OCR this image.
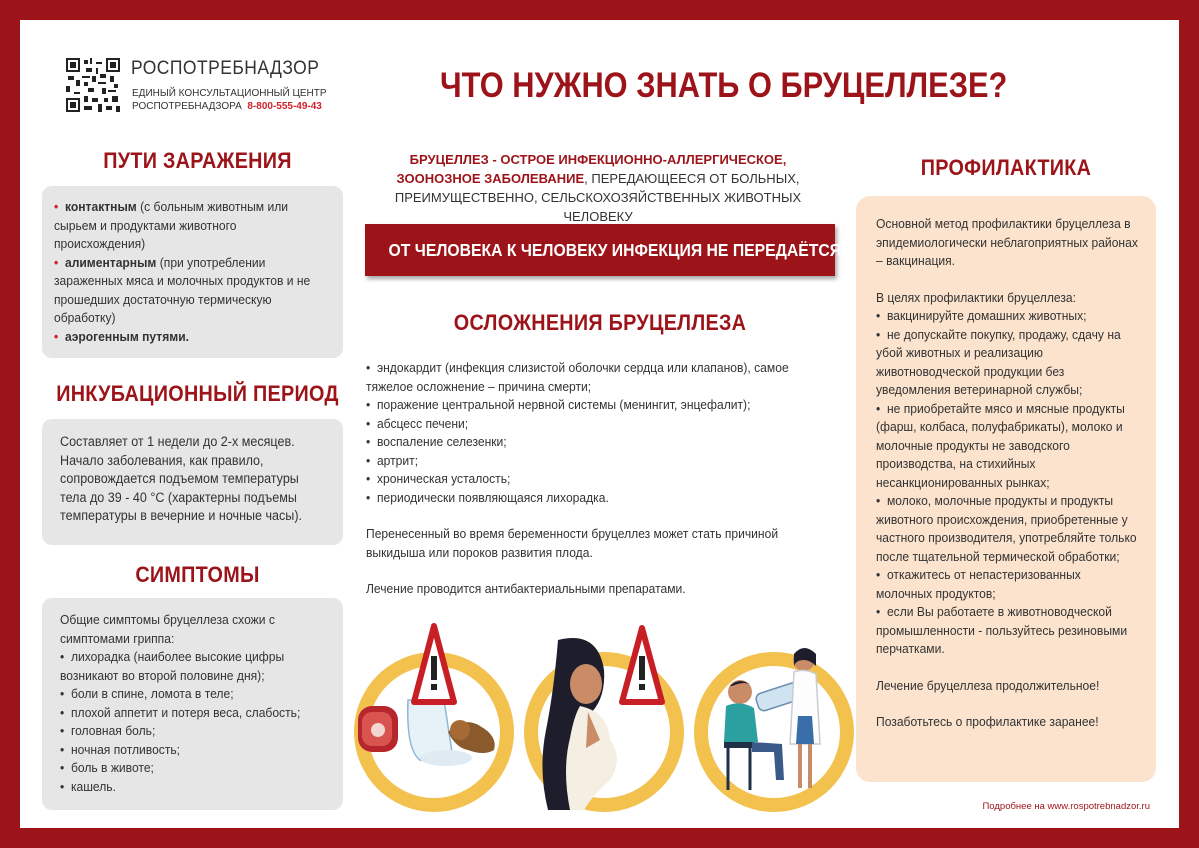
РОСПОТРЕБНАДЗОР
ЕДИНЫЙ КОНСУЛЬТАЦИОННЫЙ ЦЕНТР
РОСПОТРЕБНАДЗОРА 8-800-555-49-43
ЧТО НУЖНО ЗНАТЬ О БРУЦЕЛЛЕЗЕ?
ПУТИ ЗАРАЖЕНИЯ
• контактным (с больным животным или сырьем и продуктами животного происхождения)
• алиментарным (при употреблении зараженных мяса и молочных продуктов и не прошедших достаточную термическую обработку)
• аэрогенным путями.
ИНКУБАЦИОННЫЙ ПЕРИОД
Составляет от 1 недели до 2-х месяцев. Начало заболевания, как правило, сопровождается подъемом температуры тела до 39 - 40 °С (характерны подъемы температуры в вечерние и ночные часы).
СИМПТОМЫ
Общие симптомы бруцеллеза схожи с симптомами гриппа:
•  лихорадка (наиболее высокие цифры возникают во второй половине дня);
•  боли в спине, ломота в теле;
•  плохой аппетит и потеря веса, слабость;
•  головная боль;
•  ночная потливость;
•  боль в животе;
•  кашель.
БРУЦЕЛЛЕЗ - ОСТРОЕ ИНФЕКЦИОННО-АЛЛЕРГИЧЕСКОЕ, ЗООНОЗНОЕ ЗАБОЛЕВАНИЕ, ПЕРЕДАЮЩЕЕСЯ ОТ БОЛЬНЫХ, ПРЕИМУЩЕСТВЕННО, СЕЛЬСКОХОЗЯЙСТВЕННЫХ ЖИВОТНЫХ ЧЕЛОВЕКУ
ОТ ЧЕЛОВЕКА К ЧЕЛОВЕКУ ИНФЕКЦИЯ НЕ ПЕРЕДАЁТСЯ
ОСЛОЖНЕНИЯ БРУЦЕЛЛЕЗА
•  эндокардит (инфекция слизистой оболочки сердца или клапанов), самое тяжелое осложнение – причина смерти;
•  поражение центральной нервной системы (менингит, энцефалит);
•  абсцесс печени;
•  воспаление селезенки;
•  артрит;
•  хроническая усталость;
•  периодически появляющаяся лихорадка.
Перенесенный во время беременности бруцеллез может стать причиной выкидыша или пороков развития плода.
Лечение проводится антибактериальными препаратами.
ПРОФИЛАКТИКА
Основной метод профилактики бруцеллеза в эпидемиологически неблагоприятных районах – вакцинация.
В целях профилактики бруцеллеза:
•  вакцинируйте домашних животных;
•  не допускайте покупку, продажу, сдачу на убой животных и реализацию животноводческой продукции без уведомления ветеринарной службы;
•  не приобретайте мясо и мясные продукты (фарш, колбаса, полуфабрикаты), молоко и молочные продукты не заводского производства, на стихийных несанкционированных рынках;
•  молоко, молочные продукты и продукты животного происхождения, приобретенные у частного производителя, употребляйте только после тщательной термической обработки;
•  откажитесь от непастеризованных молочных продуктов;
•  если Вы работаете в животноводческой промышленности - пользуйтесь резиновыми перчатками.
Лечение бруцеллеза продолжительное!
Позаботьтесь о профилактике заранее!
Подробнее на www.rospotrebnadzor.ru
